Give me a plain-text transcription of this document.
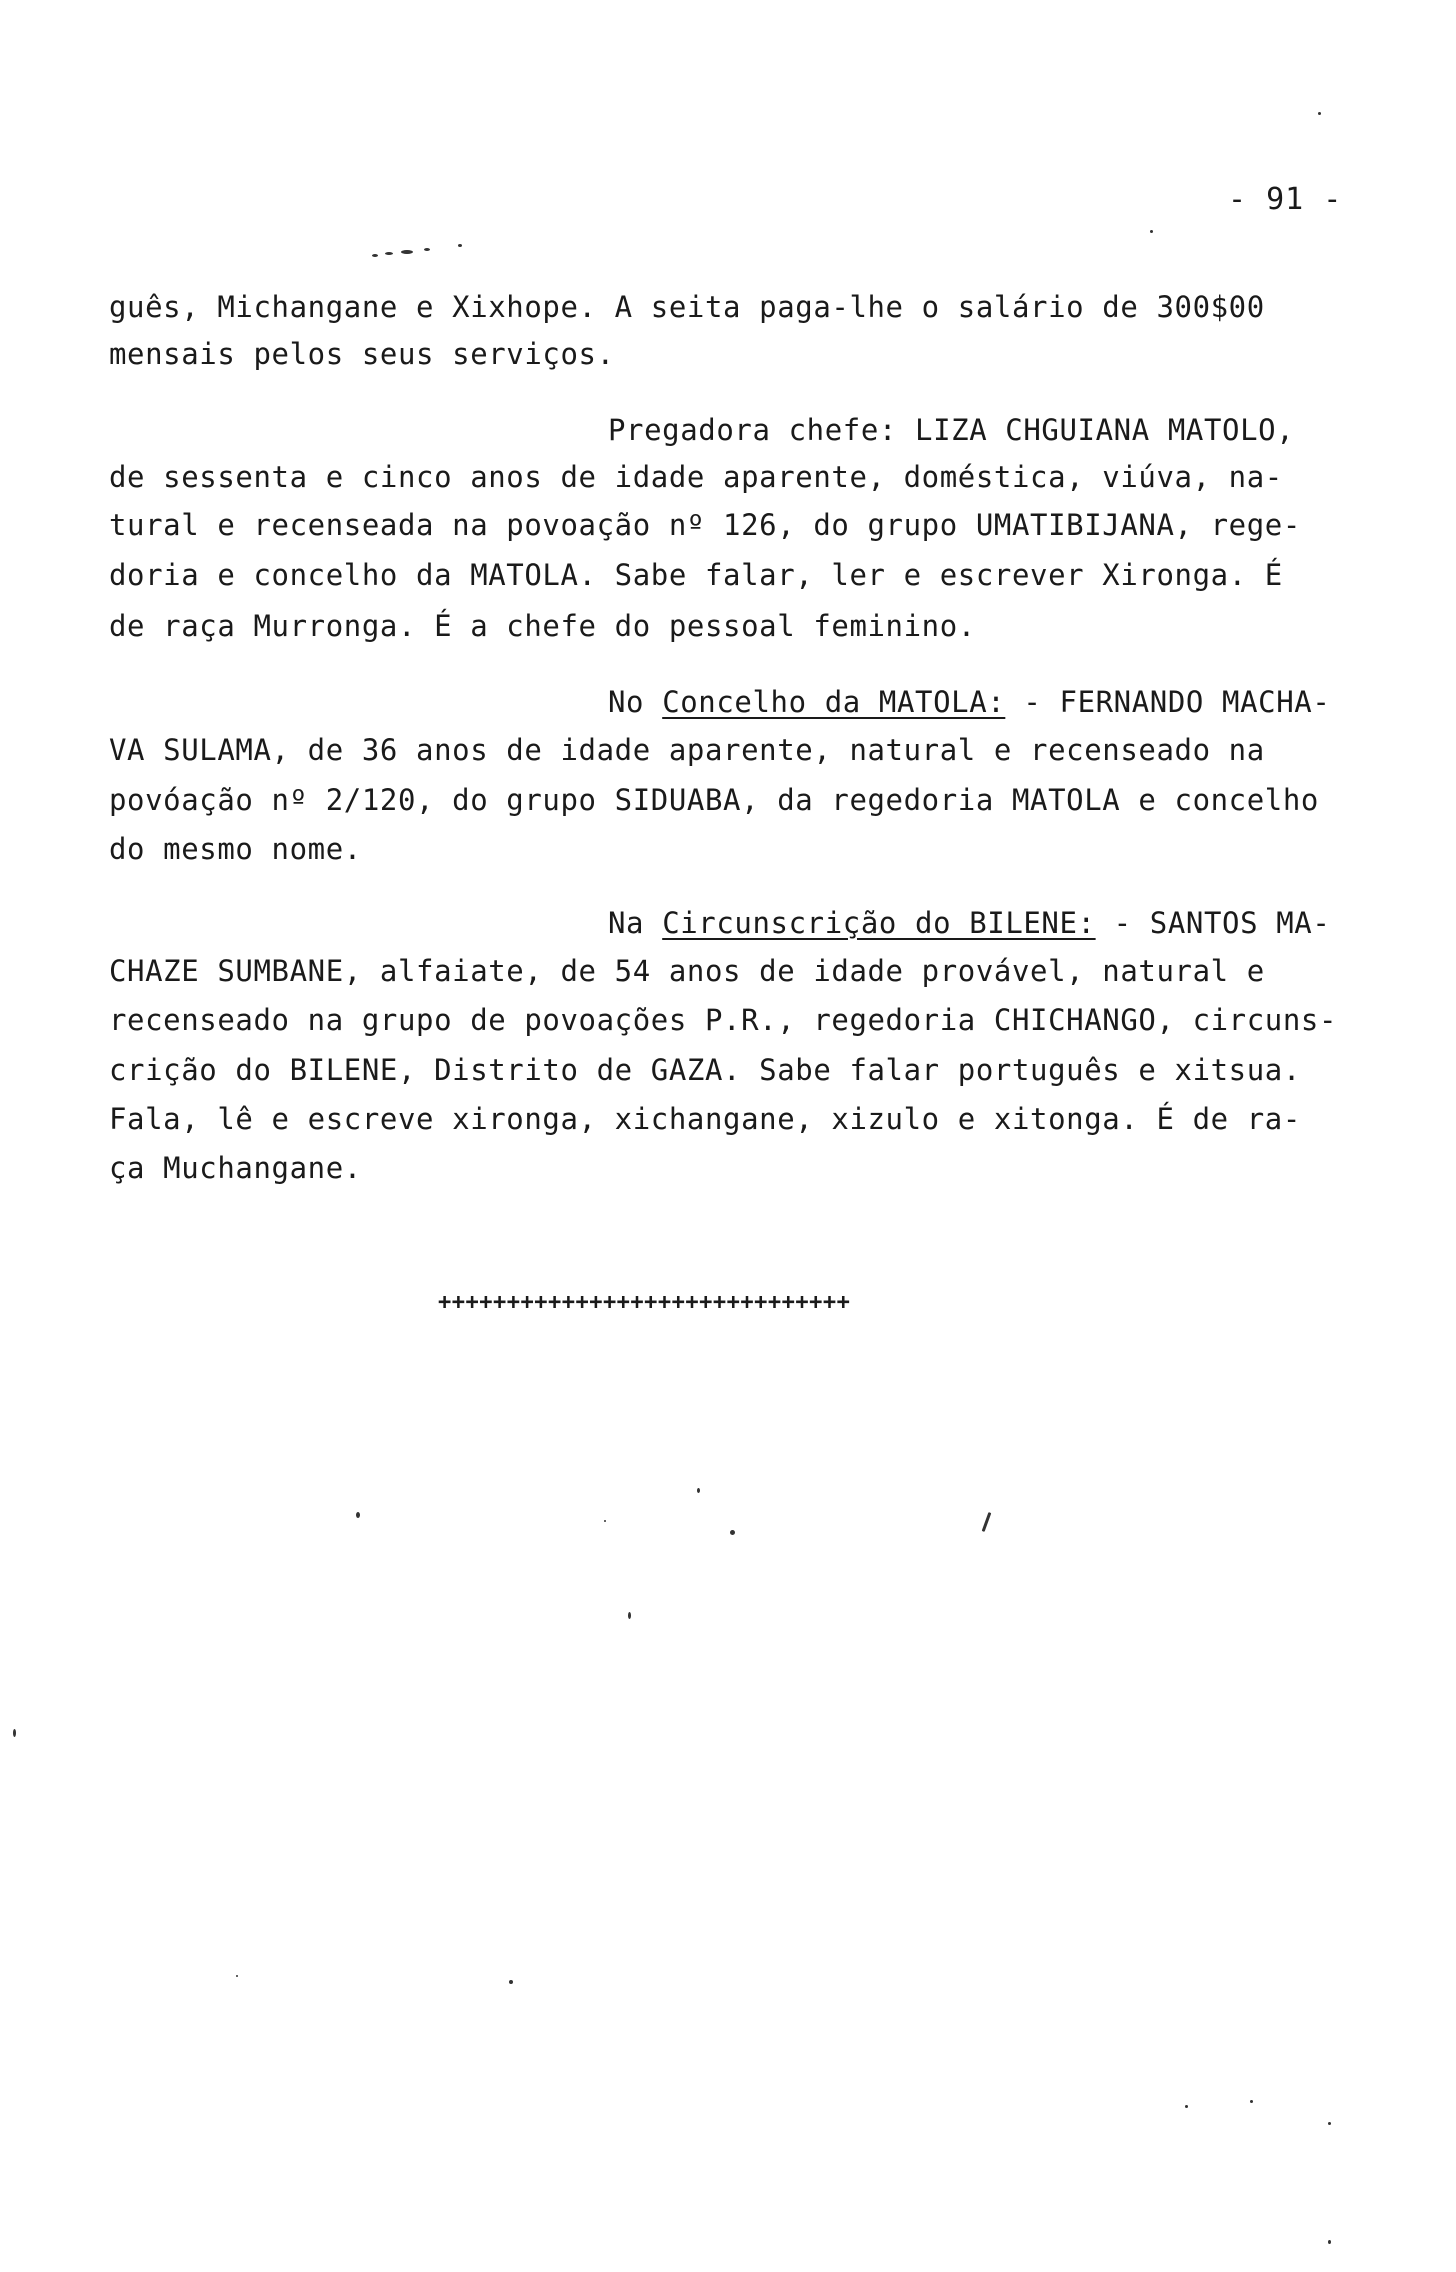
- 91 -
guês, Michangane e Xixhope. A seita paga-lhe o salário de 300$00
mensais pelos seus serviços.
Pregadora chefe: LIZA CHGUIANA MATOLO,
de sessenta e cinco anos de idade aparente, doméstica, viúva, na-
tural e recenseada na povoação nº 126, do grupo UMATIBIJANA, rege-
doria e concelho da MATOLA. Sabe falar, ler e escrever Xironga. É
de raça Murronga. É a chefe do pessoal feminino.
No Concelho da MATOLA: - FERNANDO MACHA-
VA SULAMA, de 36 anos de idade aparente, natural e recenseado na
povóação nº 2/120, do grupo SIDUABA, da regedoria MATOLA e concelho
do mesmo nome.
Na Circunscrição do BILENE: - SANTOS MA-
CHAZE SUMBANE, alfaiate, de 54 anos de idade provável, natural e
recenseado na grupo de povoações P.R., regedoria CHICHANGO, circuns-
crição do BILENE, Distrito de GAZA. Sabe falar português e xitsua.
Fala, lê e escreve xironga, xichangane, xizulo e xitonga. É de ra-
ça Muchangane.
++++++++++++++++++++++++++++++
